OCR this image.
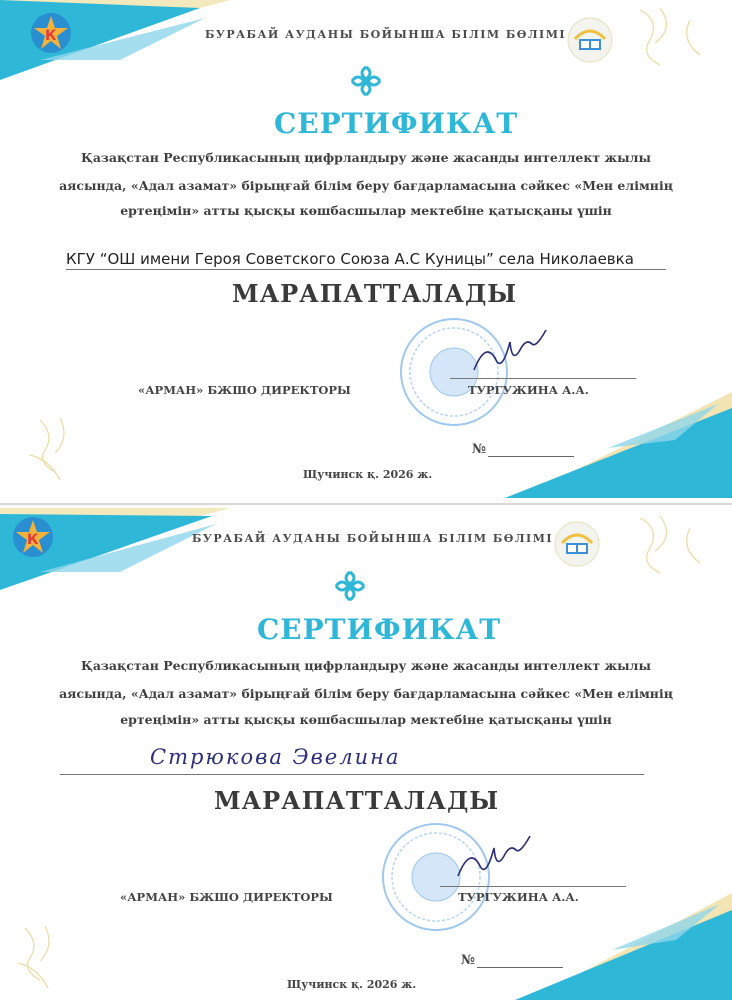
К	БУРАБАЙ АУДАНЫ БОЙЫНША БІЛІМ БӨЛІМІ
СЕРТИФИКАТ
Қазақстан Республикасының цифрландыру және жасанды интеллект жылы
аясында, «Адал азамат» бірыңғай білім беру бағдарламасына сәйкес «Мен елімнің
ертеңімін» атты қысқы көшбасшылар мектебіне қатысқаны үшін
КГУ “ОШ имени Героя Советского Союза А.С Куницы” села Николаевка
МАРАПАТТАЛАДЫ
«АРМАН» БЖШО ДИРЕКТОРЫ	ТУРГУЖИНА А.А.
№
Щучинск қ. 2026 ж.
К	БУРАБАЙ АУДАНЫ БОЙЫНША БІЛІМ БӨЛІМІ
СЕРТИФИКАТ
Қазақстан Республикасының цифрландыру және жасанды интеллект жылы
аясында, «Адал азамат» бірыңғай білім беру бағдарламасына сәйкес «Мен елімнің
ертеңімін» атты қысқы көшбасшылар мектебіне қатысқаны үшін
Стрюкова Эвелина
МАРАПАТТАЛАДЫ
«АРМАН» БЖШО ДИРЕКТОРЫ	ТУРГУЖИНА А.А.
№
Щучинск қ. 2026 ж.
